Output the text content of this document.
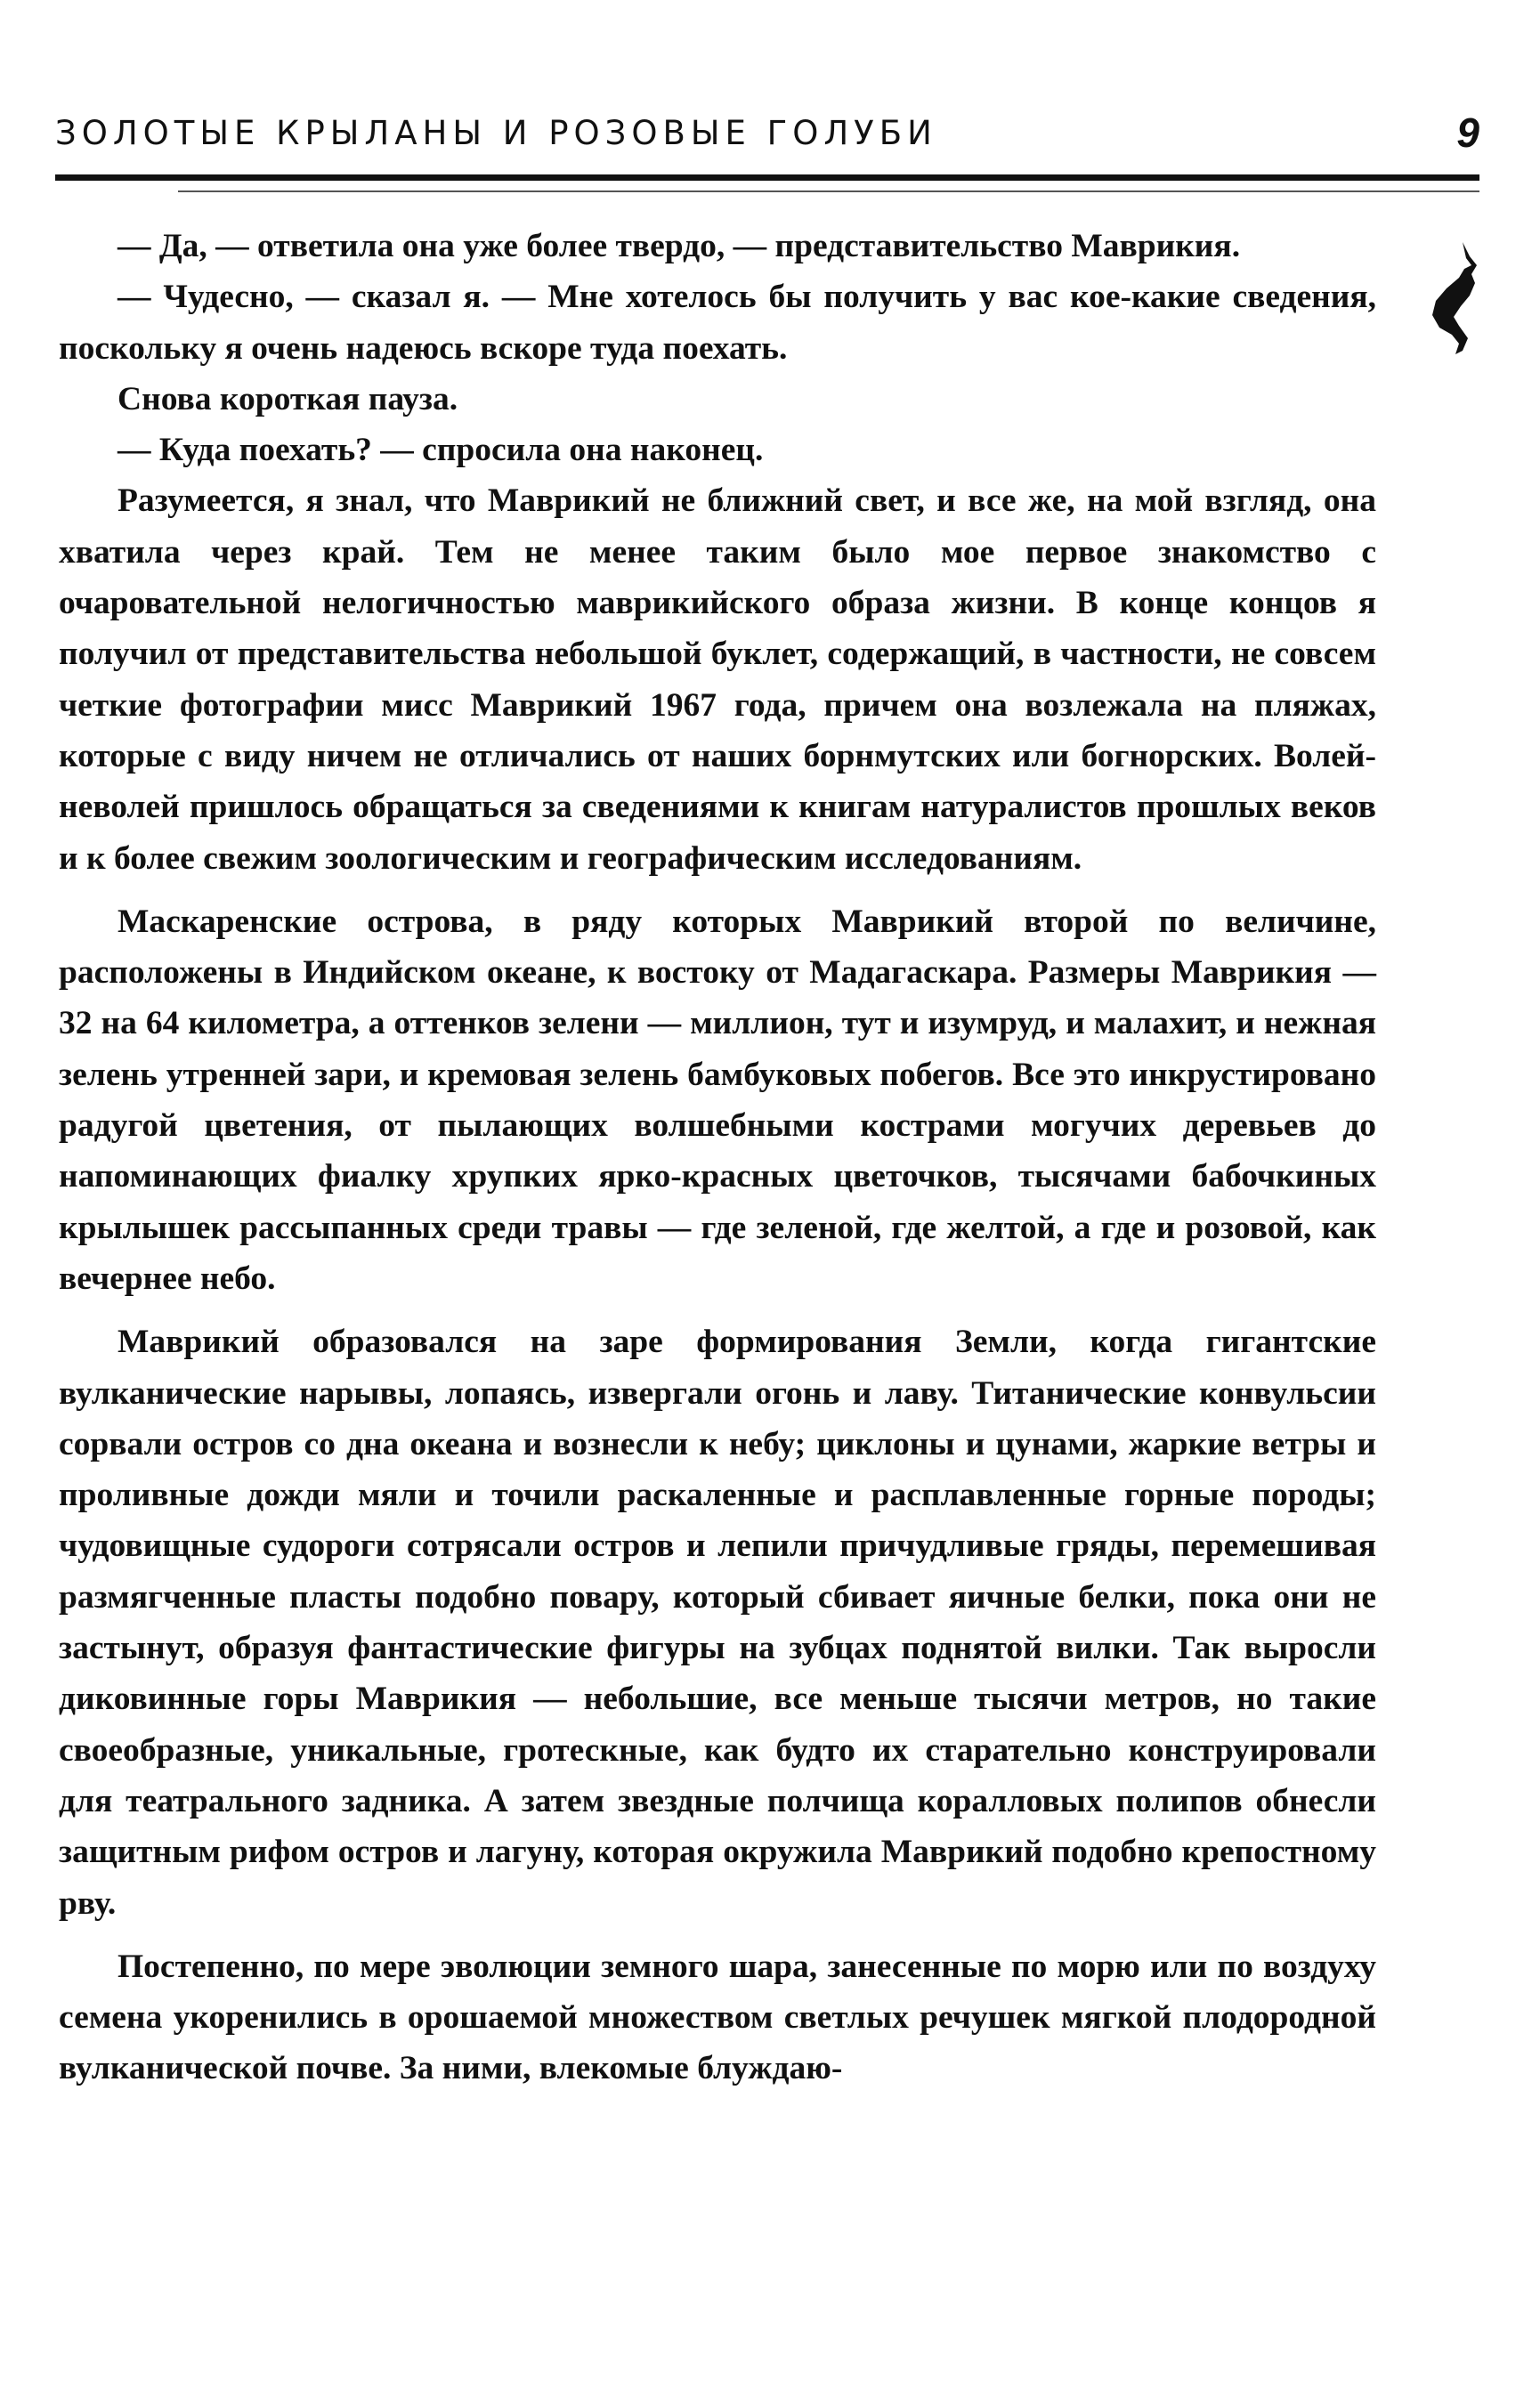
ЗОЛОТЫЕ КРЫЛАНЫ И РОЗОВЫЕ ГОЛУБИ	9

— Да, — ответила она уже более твердо, — представительство Маврикия.

— Чудесно, — сказал я. — Мне хотелось бы получить у вас кое-какие сведения, поскольку я очень надеюсь вскоре туда поехать.

Снова короткая пауза.

— Куда поехать? — спросила она наконец.

Разумеется, я знал, что Маврикий не ближний свет, и все же, на мой взгляд, она хватила через край. Тем не менее таким было мое первое знакомство с очаровательной нелогичностью маврикийского образа жизни. В конце концов я получил от представительства небольшой буклет, содержащий, в частности, не совсем четкие фотографии мисс Маврикий 1967 года, причем она возлежала на пляжах, которые с виду ничем не отличались от наших борнмутских или богнорских. Волей-неволей пришлось обращаться за сведениями к книгам натуралистов прошлых веков и к более свежим зоологическим и географическим исследованиям.

Маскаренские острова, в ряду которых Маврикий второй по величине, расположены в Индийском океане, к востоку от Мадагаскара. Размеры Маврикия — 32 на 64 километра, а оттенков зелени — миллион, тут и изумруд, и малахит, и нежная зелень утренней зари, и кремовая зелень бамбуковых побегов. Все это инкрустировано радугой цветения, от пылающих волшебными кострами могучих деревьев до напоминающих фиалку хрупких ярко-красных цветочков, тысячами бабочкиных крылышек рассыпанных среди травы — где зеленой, где желтой, а где и розовой, как вечернее небо.

Маврикий образовался на заре формирования Земли, когда гигантские вулканические нарывы, лопаясь, извергали огонь и лаву. Титанические конвульсии сорвали остров со дна океана и вознесли к небу; циклоны и цунами, жаркие ветры и проливные дожди мяли и точили раскаленные и расплавленные горные породы; чудовищные судороги сотрясали остров и лепили причудливые гряды, перемешивая размягченные пласты подобно повару, который сбивает яичные белки, пока они не застынут, образуя фантастические фигуры на зубцах поднятой вилки. Так выросли диковинные горы Маврикия — небольшие, все меньше тысячи метров, но такие своеобразные, уникальные, гротескные, как будто их старательно конструировали для театрального задника. А затем звездные полчища коралловых полипов обнесли защитным рифом остров и лагуну, которая окружила Маврикий подобно крепостному рву.

Постепенно, по мере эволюции земного шара, занесенные по морю или по воздуху семена укоренились в орошаемой множеством светлых речушек мягкой плодородной вулканической почве. За ними, влекомые блуждаю-
